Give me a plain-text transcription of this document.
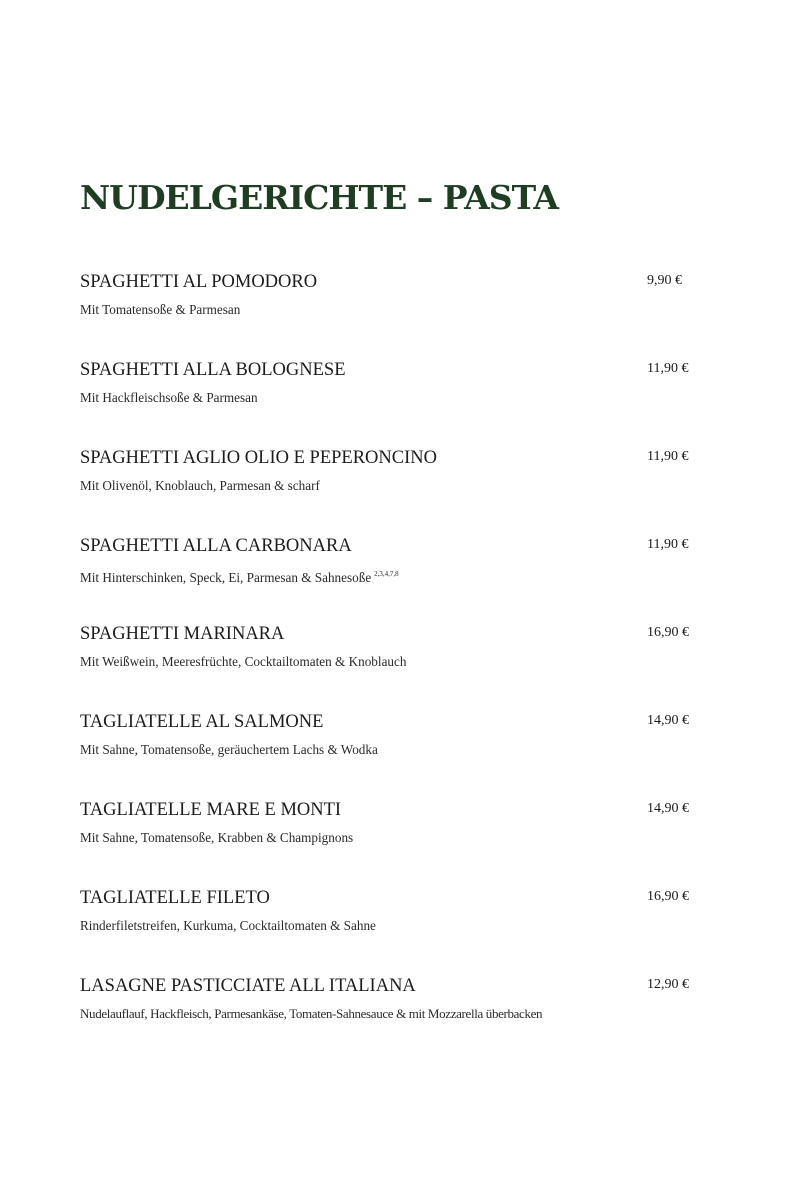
NUDELGERICHTE – PASTA
SPAGHETTI AL POMODORO
Mit Tomatensoße & Parmesan
9,90 €
SPAGHETTI ALLA BOLOGNESE
Mit Hackfleischsoße & Parmesan
11,90 €
SPAGHETTI AGLIO OLIO E PEPERONCINO
Mit Olivenöl, Knoblauch, Parmesan & scharf
11,90 €
SPAGHETTI ALLA CARBONARA
Mit Hinterschinken, Speck, Ei, Parmesan & Sahnesoße $^{2,3,4,7,8}$
11,90 €
SPAGHETTI MARINARA
Mit Weißwein, Meeresfrüchte, Cocktailtomaten & Knoblauch
16,90 €
TAGLIATELLE AL SALMONE
Mit Sahne, Tomatensoße, geräuchertem Lachs & Wodka
14,90 €
TAGLIATELLE MARE E MONTI
Mit Sahne, Tomatensoße, Krabben & Champignons
14,90 €
TAGLIATELLE FILETO
Rinderfiletstreifen, Kurkuma, Cocktailtomaten & Sahne
16,90 €
LASAGNE PASTICCIATE ALL ITALIANA
Nudelauflauf, Hackfleisch, Parmesankäse, Tomaten-Sahnesauce & mit Mozzarella überbacken
12,90 €
